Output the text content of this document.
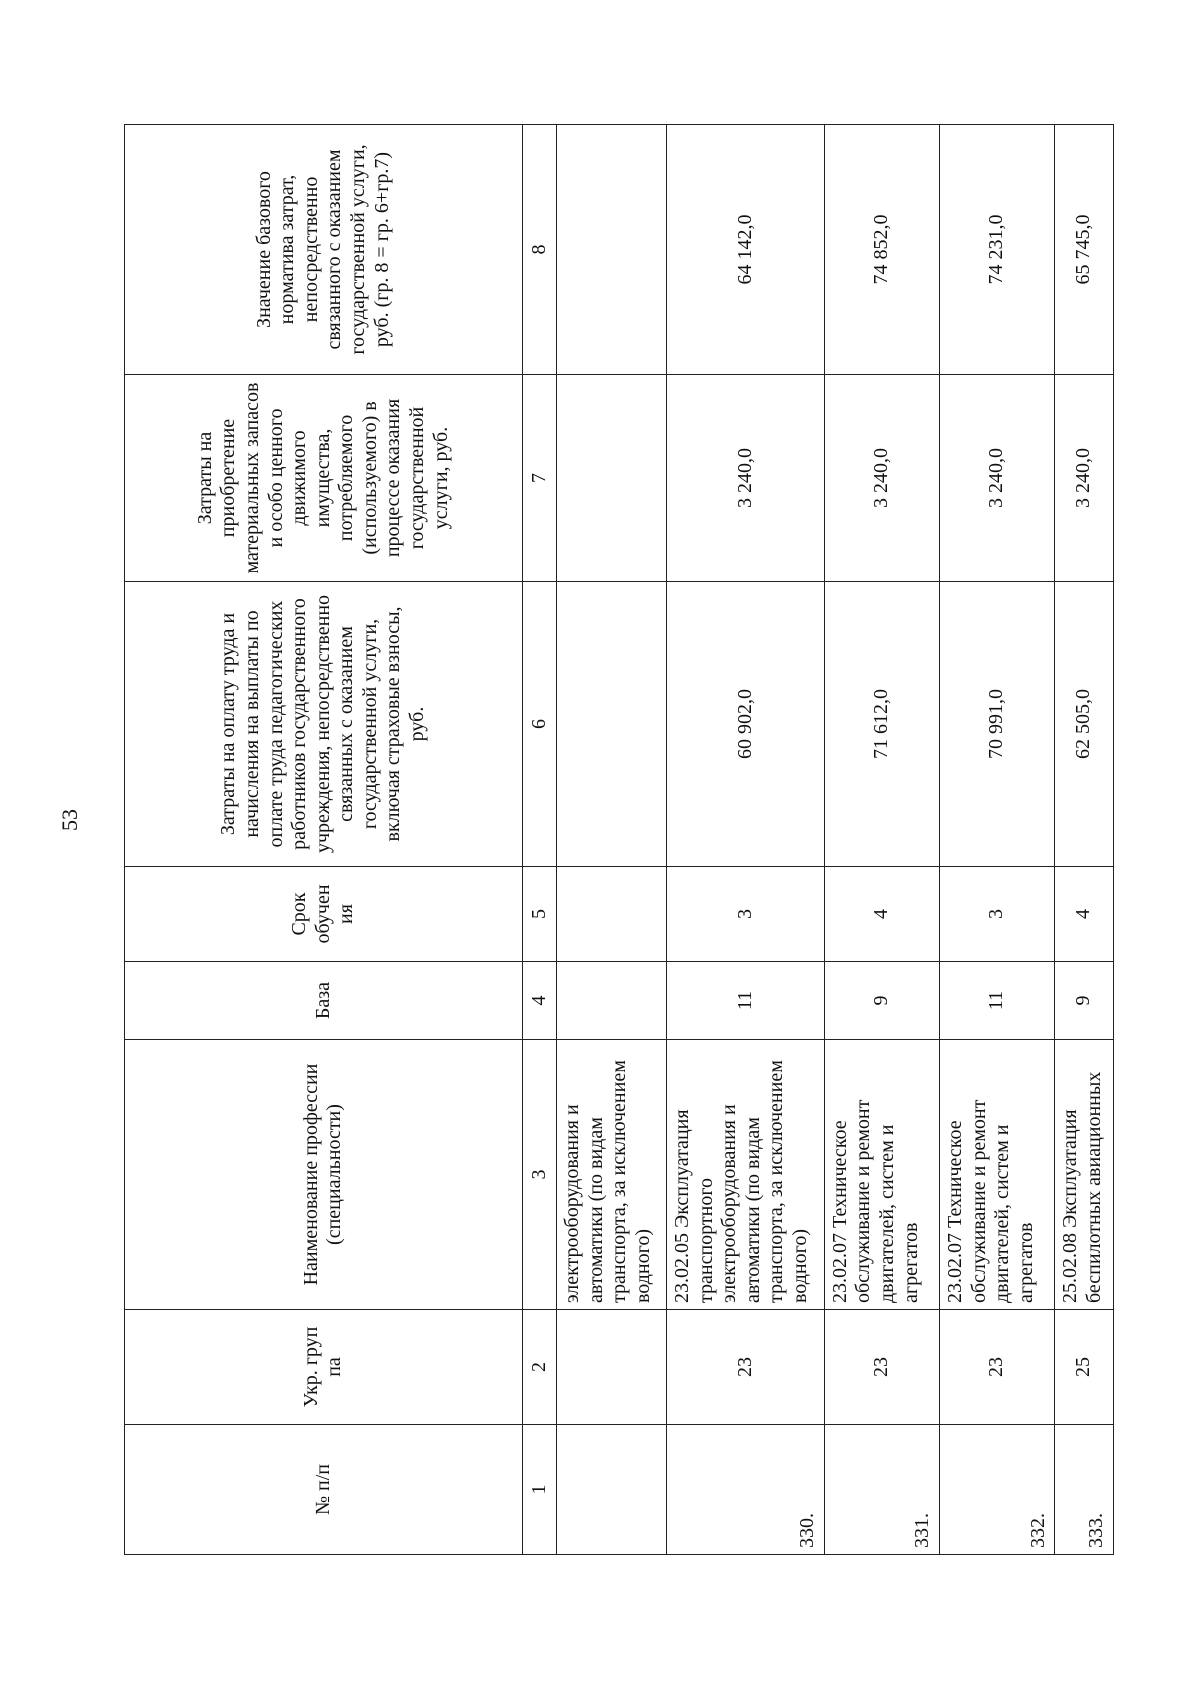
53
№ п/п	Укр. груп па	Наименование профессии (специальности)	База	Срок обучен ия	Затраты на оплату труда и начисления на выплаты по оплате труда педагогических работников государственного учреждения, непосредственно связанных с оказанием государственной услуги, включая страховые взносы, руб.	Затраты на приобретение материальных запасов и особо ценного движимого имущества, потребляемого (используемого) в процессе оказания государственной услуги, руб.	Значение базового норматива затрат, непосредственно связанного с оказанием государственной услуги, руб. (гр. 8 = гр. 6+гр.7)
1	2	3	4	5	6	7	8
		электрооборудования и автоматики (по видам транспорта, за исключением водного)					
330.	23	23.02.05 Эксплуатация транспортного электрооборудования и автоматики (по видам транспорта, за исключением водного)	11	3	60 902,0	3 240,0	64 142,0
331.	23	23.02.07 Техническое обслуживание и ремонт двигателей, систем и агрегатов	9	4	71 612,0	3 240,0	74 852,0
332.	23	23.02.07 Техническое обслуживание и ремонт двигателей, систем и агрегатов	11	3	70 991,0	3 240,0	74 231,0
333.	25	25.02.08 Эксплуатация беспилотных авиационных	9	4	62 505,0	3 240,0	65 745,0
